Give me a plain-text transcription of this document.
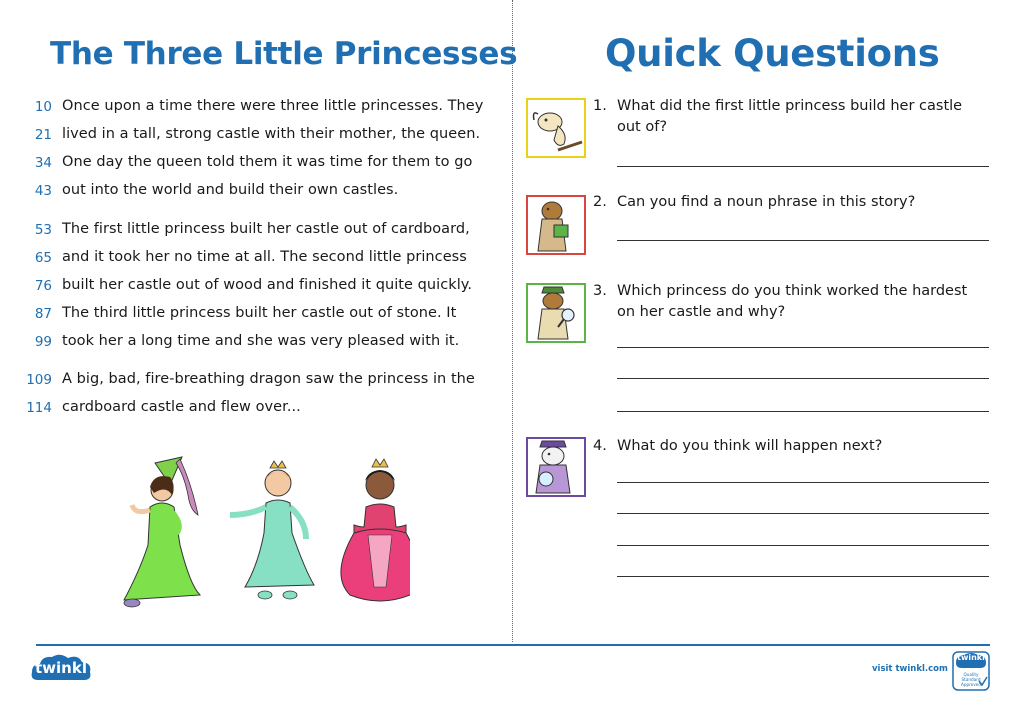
The Three Little Princesses
10 Once upon a time there were three little princesses. They
21 lived in a tall, strong castle with their mother, the queen.
34 One day the queen told them it was time for them to go
43 out into the world and build their own castles.
53 The first little princess built her castle out of cardboard,
65 and it took her no time at all. The second little princess
76 built her castle out of wood and finished it quite quickly.
87 The third little princess built her castle out of stone. It
99 took her a long time and she was very pleased with it.
109 A big, bad, fire-breathing dragon saw the princess in the
114 cardboard castle and flew over...
Quick Questions
1. What did the first little princess build her castle out of?
2. Can you find a noun phrase in this story?
3. Which princess do you think worked the hardest on her castle and why?
4. What do you think will happen next?
twinkl	visit twinkl.com
twinkl
Quality Standard Approved
